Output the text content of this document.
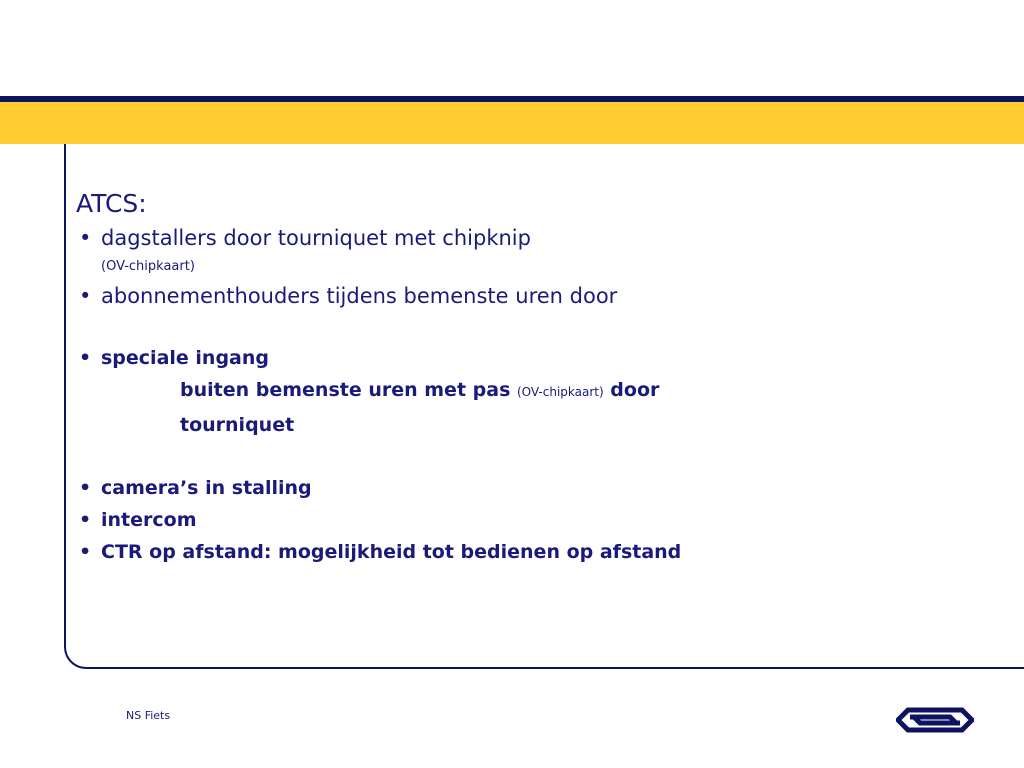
ATCS:
• dagstallers door tourniquet met chipknip
(OV-chipkaart)
• abonnementhouders tijdens bemenste uren door
• speciale ingang
buiten bemenste uren met pas (OV-chipkaart) door
tourniquet
• camera’s in stalling
• intercom
• CTR op afstand: mogelijkheid tot bedienen op afstand
NS Fiets
